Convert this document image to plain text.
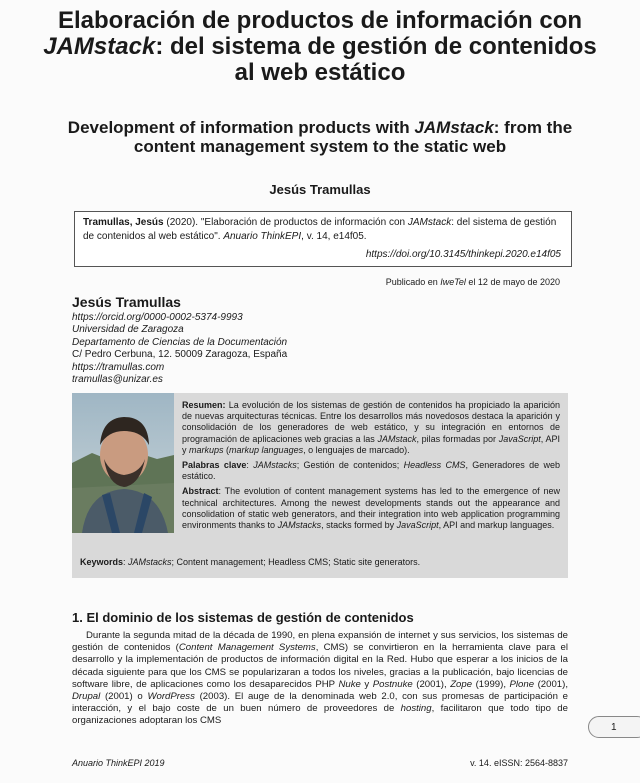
Elaboración de productos de información con JAMstack: del sistema de gestión de contenidos al web estático
Development of information products with JAMstack: from the content management system to the static web
Jesús Tramullas
Tramullas, Jesús (2020). "Elaboración de productos de información con JAMstack: del sistema de gestión de contenidos al web estático". Anuario ThinkEPI, v. 14, e14f05.
https://doi.org/10.3145/thinkepi.2020.e14f05
Publicado en IweTel el 12 de mayo de 2020
Jesús Tramullas
https://orcid.org/0000-0002-5374-9993
Universidad de Zaragoza
Departamento de Ciencias de la Documentación
C/ Pedro Cerbuna, 12. 50009 Zaragoza, España
https://tramullas.com
tramullas@unizar.es

Resumen: La evolución de los sistemas de gestión de contenidos ha propiciado la aparición de nuevas arquitecturas técnicas. Entre los desarrollos más novedosos destaca la aparición y consolidación de los generadores de web estático, y su integración en entornos de programación de aplicaciones web gracias a las JAMstack, pilas formadas por JavaScript, API y markups (markup languages, o lenguajes de marcado).

Palabras clave: JAMstacks; Gestión de contenidos; Headless CMS, Generadores de web estático.

Abstract: The evolution of content management systems has led to the emergence of new technical architectures. Among the newest developments stands out the appearance and consolidation of static web generators, and their integration into web application programming environments thanks to JAMstacks, stacks formed by JavaScript, API and markup languages.

Keywords: JAMstacks; Content management; Headless CMS; Static site generators.
1. El dominio de los sistemas de gestión de contenidos

Durante la segunda mitad de la década de 1990, en plena expansión de internet y sus servicios, los sistemas de gestión de contenidos (Content Management Systems, CMS) se convirtieron en la herramienta clave para el desarrollo y la implementación de productos de información digital en la Red. Hubo que esperar a los inicios de la década siguiente para que los CMS se popularizaran a todos los niveles, gracias a la publicación, bajo licencias de software libre, de aplicaciones como los desaparecidos PHP Nuke y Postnuke (2001), Zope (1999), Plone (2001), Drupal (2001) o WordPress (2003). El auge de la denominada web 2.0, con sus promesas de participación e interacción, y el bajo coste de un buen número de proveedores de hosting, facilitaron que todo tipo de organizaciones adoptaran los CMS

1
Anuario ThinkEPI 2019	v. 14. eISSN: 2564-8837
